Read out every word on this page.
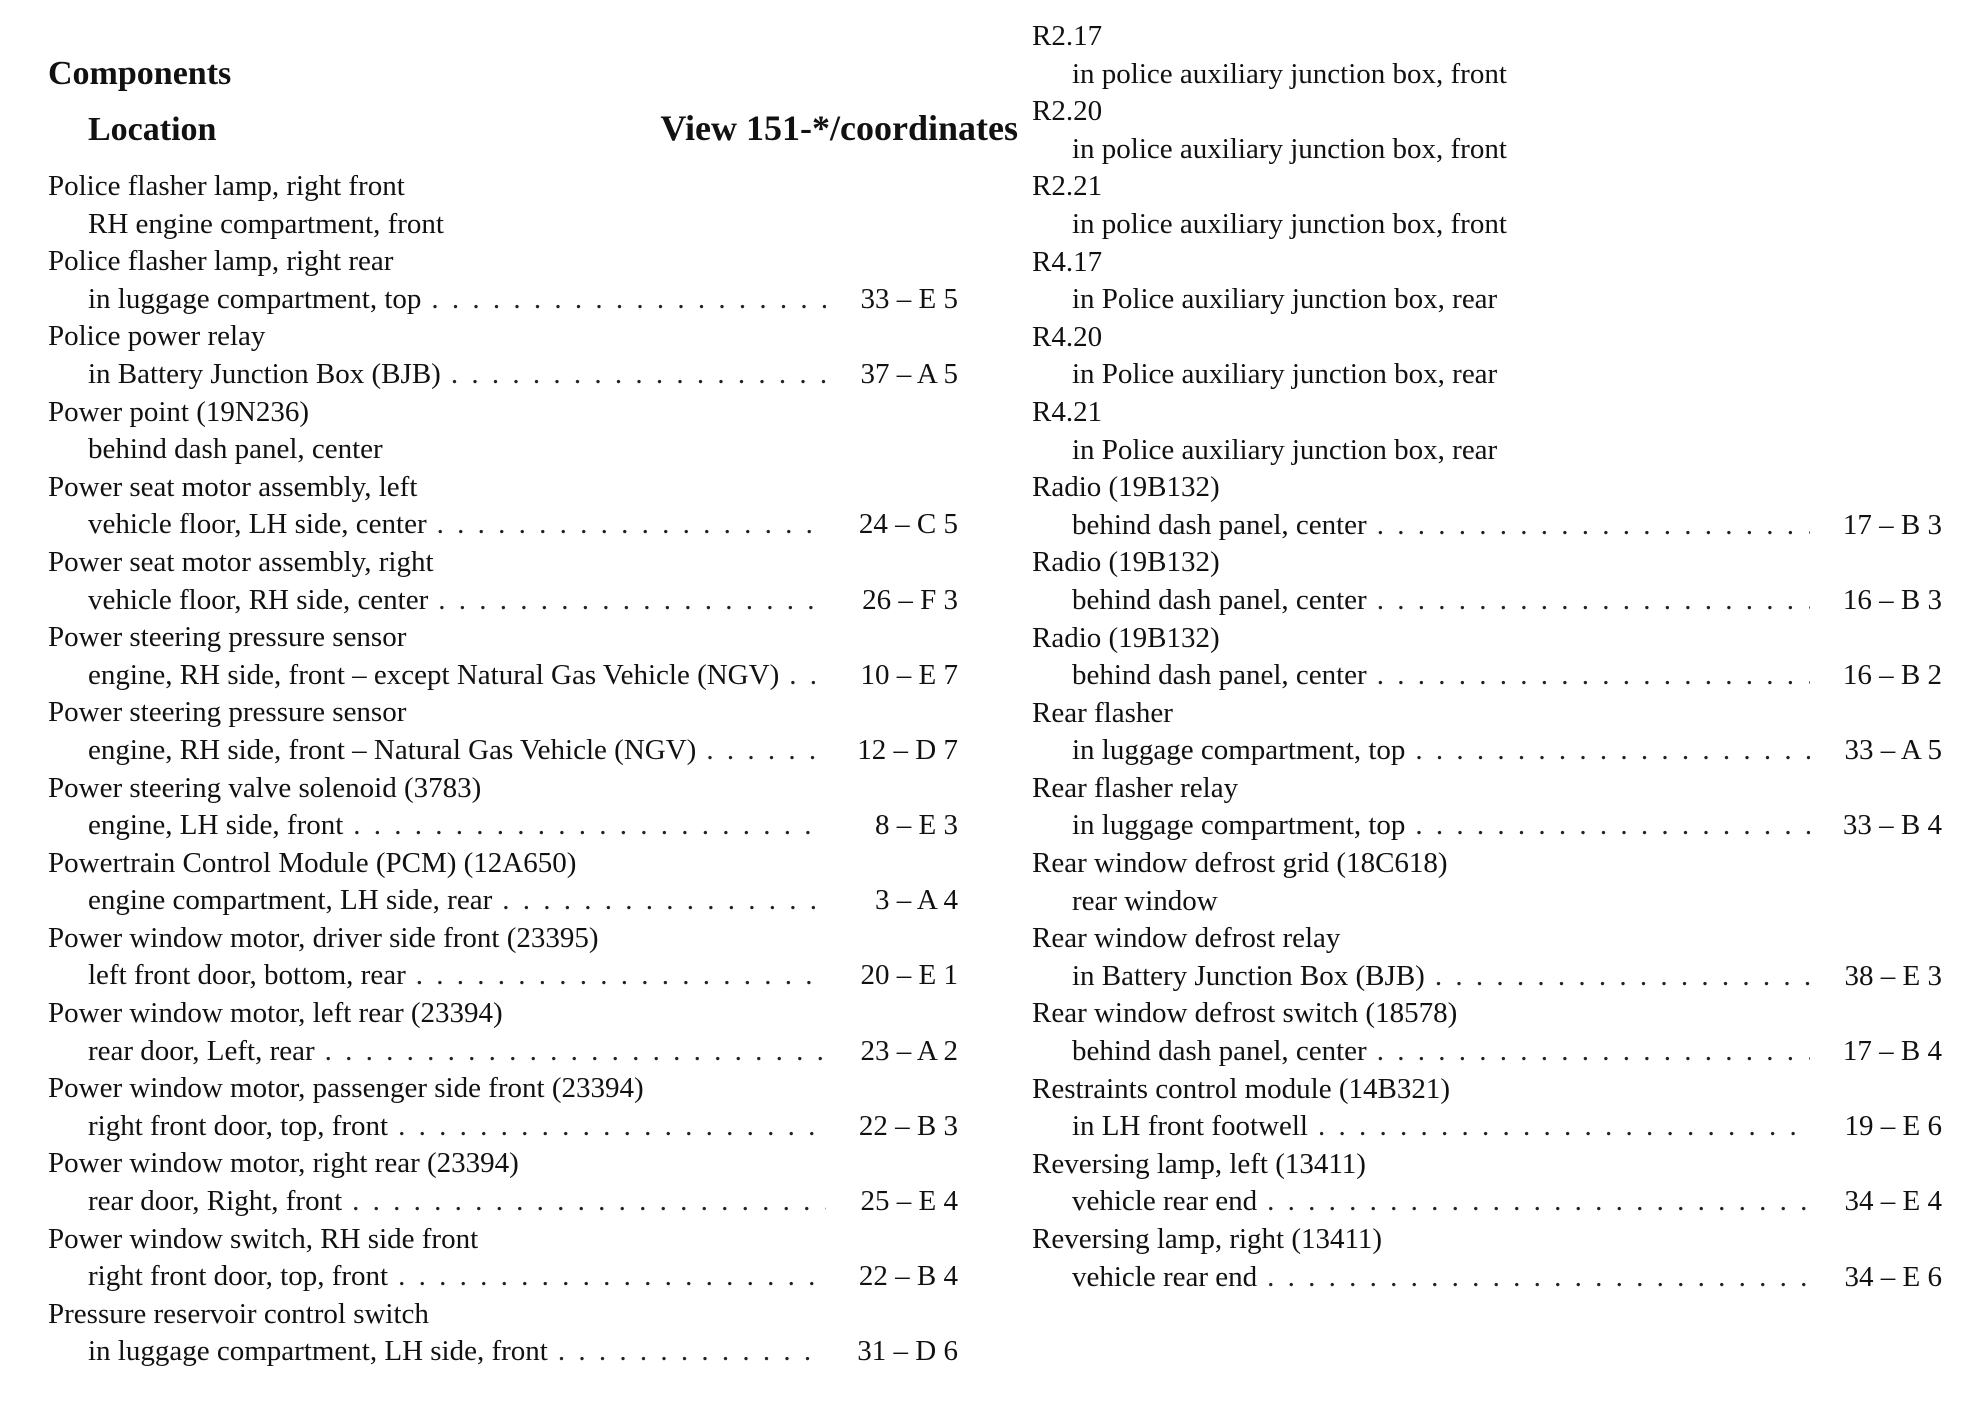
Components
Location	View 151-*/coordinates
Police flasher lamp, right front
RH engine compartment, front
Police flasher lamp, right rear
in luggage compartment, top . . .	33 – E 5
Police power relay
in Battery Junction Box (BJB) . . .	37 – A 5
Power point (19N236)
behind dash panel, center
Power seat motor assembly, left
vehicle floor, LH side, center . . .	24 – C 5
Power seat motor assembly, right
vehicle floor, RH side, center . . .	26 – F 3
Power steering pressure sensor
engine, RH side, front – except Natural Gas Vehicle (NGV) . . .	10 – E 7
Power steering pressure sensor
engine, RH side, front – Natural Gas Vehicle (NGV) . . .	12 – D 7
Power steering valve solenoid (3783)
engine, LH side, front . . .	8 – E 3
Powertrain Control Module (PCM) (12A650)
engine compartment, LH side, rear . . .	3 – A 4
Power window motor, driver side front (23395)
left front door, bottom, rear . . .	20 – E 1
Power window motor, left rear (23394)
rear door, Left, rear . . .	23 – A 2
Power window motor, passenger side front (23394)
right front door, top, front . . .	22 – B 3
Power window motor, right rear (23394)
rear door, Right, front . . .	25 – E 4
Power window switch, RH side front
right front door, top, front . . .	22 – B 4
Pressure reservoir control switch
in luggage compartment, LH side, front . . .	31 – D 6
R2.17
in police auxiliary junction box, front
R2.20
in police auxiliary junction box, front
R2.21
in police auxiliary junction box, front
R4.17
in Police auxiliary junction box, rear
R4.20
in Police auxiliary junction box, rear
R4.21
in Police auxiliary junction box, rear
Radio (19B132)
behind dash panel, center . . .	17 – B 3
Radio (19B132)
behind dash panel, center . . .	16 – B 3
Radio (19B132)
behind dash panel, center . . .	16 – B 2
Rear flasher
in luggage compartment, top . . .	33 – A 5
Rear flasher relay
in luggage compartment, top . . .	33 – B 4
Rear window defrost grid (18C618)
rear window
Rear window defrost relay
in Battery Junction Box (BJB) . . .	38 – E 3
Rear window defrost switch (18578)
behind dash panel, center . . .	17 – B 4
Restraints control module (14B321)
in LH front footwell . . .	19 – E 6
Reversing lamp, left (13411)
vehicle rear end . . .	34 – E 4
Reversing lamp, right (13411)
vehicle rear end . . .	34 – E 6
